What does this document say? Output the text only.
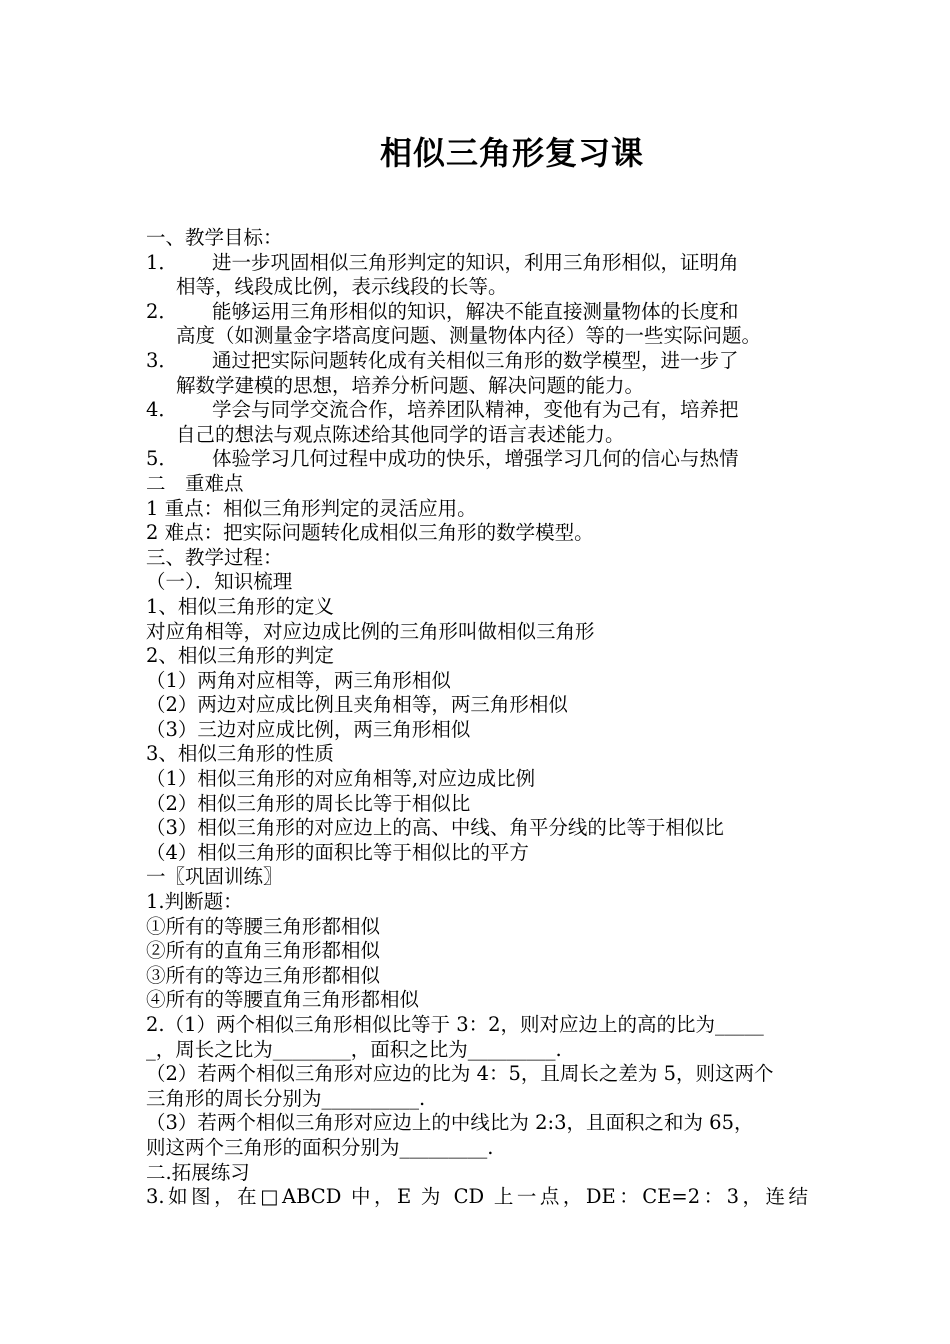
相似三角形复习课
一、教学目标：
1．	进一步巩固相似三角形判定的知识，利用三角形相似，证明角
相等，线段成比例，表示线段的长等。
2．	能够运用三角形相似的知识，解决不能直接测量物体的长度和
高度（如测量金字塔高度问题、测量物体内径）等的一些实际问题。
3．	通过把实际问题转化成有关相似三角形的数学模型，进一步了
解数学建模的思想，培养分析问题、解决问题的能力。
4．	学会与同学交流合作，培养团队精神，变他有为己有，培养把
自己的想法与观点陈述给其他同学的语言表述能力。
5．	体验学习几何过程中成功的快乐，增强学习几何的信心与热情
二　重难点
1 重点：相似三角形判定的灵活应用。
2 难点：把实际问题转化成相似三角形的数学模型。
三、教学过程：
（一）．知识梳理
1、相似三角形的定义
对应角相等，对应边成比例的三角形叫做相似三角形
2、相似三角形的判定
（1）两角对应相等，两三角形相似
（2）两边对应成比例且夹角相等，两三角形相似
（3）三边对应成比例，两三角形相似
3、相似三角形的性质
（1）相似三角形的对应角相等,对应边成比例
（2）相似三角形的周长比等于相似比
（3）相似三角形的对应边上的高、中线、角平分线的比等于相似比
（4）相似三角形的面积比等于相似比的平方
一〖巩固训练〗
1.判断题：
①所有的等腰三角形都相似
②所有的直角三角形都相似
③所有的等边三角形都相似
④所有的等腰直角三角形都相似
2.（1）两个相似三角形相似比等于 3：2，则对应边上的高的比为_____
_，周长之比为________，面积之比为_________.
（2）若两个相似三角形对应边的比为 4：5，且周长之差为 5，则这两个
三角形的周长分别为__________.
（3）若两个相似三角形对应边上的中线比为 2:3，且面积之和为 65，
则这两个三角形的面积分别为_________.
二.拓展练习
3.如图，在□ABCD 中，E 为 CD 上一点，DE：CE=2：3，连结
